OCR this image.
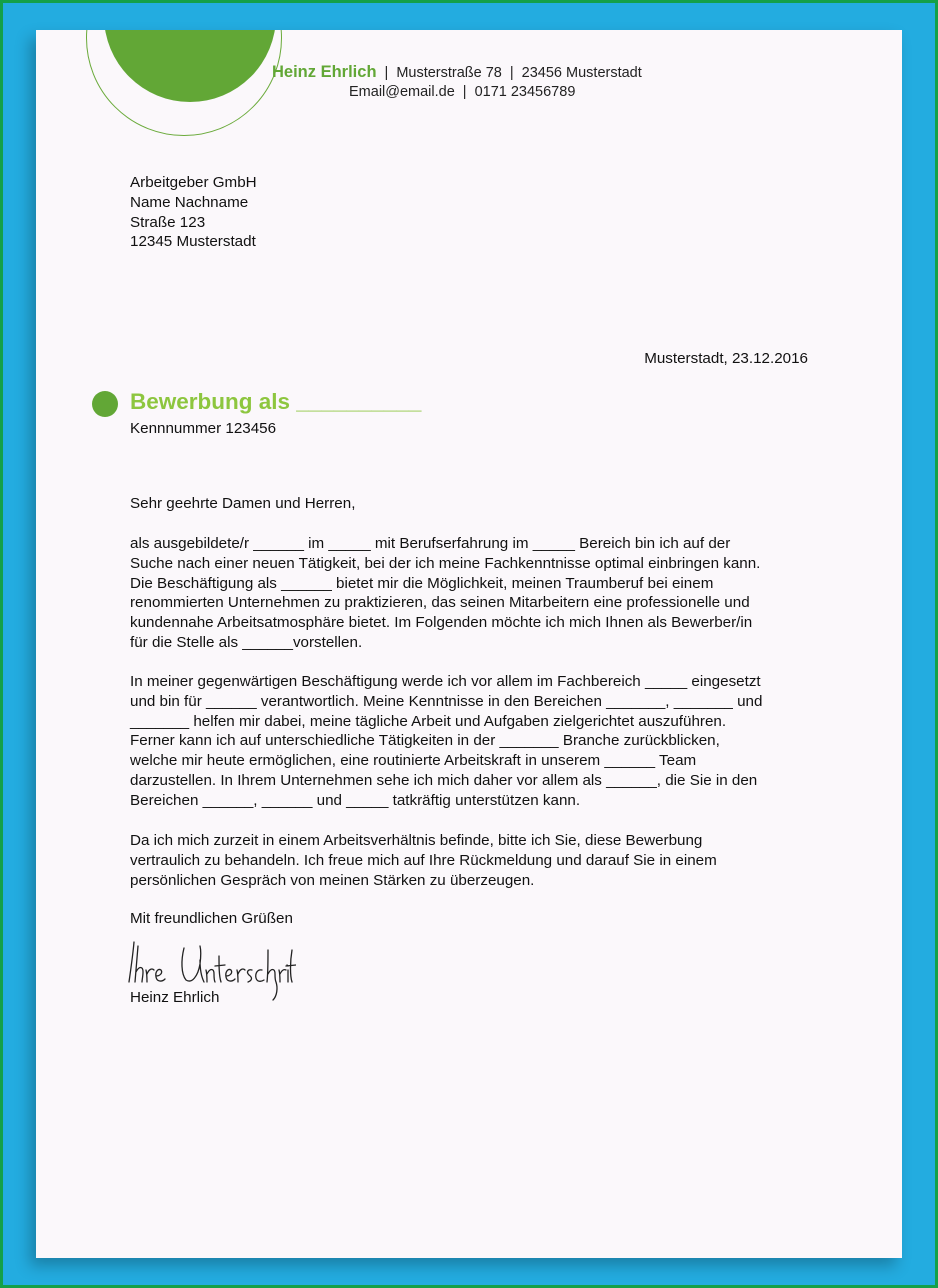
Heinz Ehrlich | Musterstraße 78 | 23456 Musterstadt
Email@email.de | 0171 23456789
Arbeitgeber GmbH
Name Nachname
Straße 123
12345 Musterstadt
Musterstadt, 23.12.2016
Bewerbung als __________
Kennnummer 123456
Sehr geehrte Damen und Herren,
als ausgebildete/r ______ im _____ mit Berufserfahrung im _____ Bereich bin ich auf der
Suche nach einer neuen Tätigkeit, bei der ich meine Fachkenntnisse optimal einbringen kann.
Die Beschäftigung als ______ bietet mir die Möglichkeit, meinen Traumberuf bei einem
renommierten Unternehmen zu praktizieren, das seinen Mitarbeitern eine professionelle und
kundennahe Arbeitsatmosphäre bietet. Im Folgenden möchte ich mich Ihnen als Bewerber/in
für die Stelle als ______vorstellen.
In meiner gegenwärtigen Beschäftigung werde ich vor allem im Fachbereich _____ eingesetzt
und bin für ______ verantwortlich. Meine Kenntnisse in den Bereichen _______, _______ und
_______ helfen mir dabei, meine tägliche Arbeit und Aufgaben zielgerichtet auszuführen.
Ferner kann ich auf unterschiedliche Tätigkeiten in der _______ Branche zurückblicken,
welche mir heute ermöglichen, eine routinierte Arbeitskraft in unserem ______ Team
darzustellen. In Ihrem Unternehmen sehe ich mich daher vor allem als ______, die Sie in den
Bereichen ______, ______ und _____ tatkräftig unterstützen kann.
Da ich mich zurzeit in einem Arbeitsverhältnis befinde, bitte ich Sie, diese Bewerbung
vertraulich zu behandeln. Ich freue mich auf Ihre Rückmeldung und darauf Sie in einem
persönlichen Gespräch von meinen Stärken zu überzeugen.
Mit freundlichen Grüßen
Heinz Ehrlich
